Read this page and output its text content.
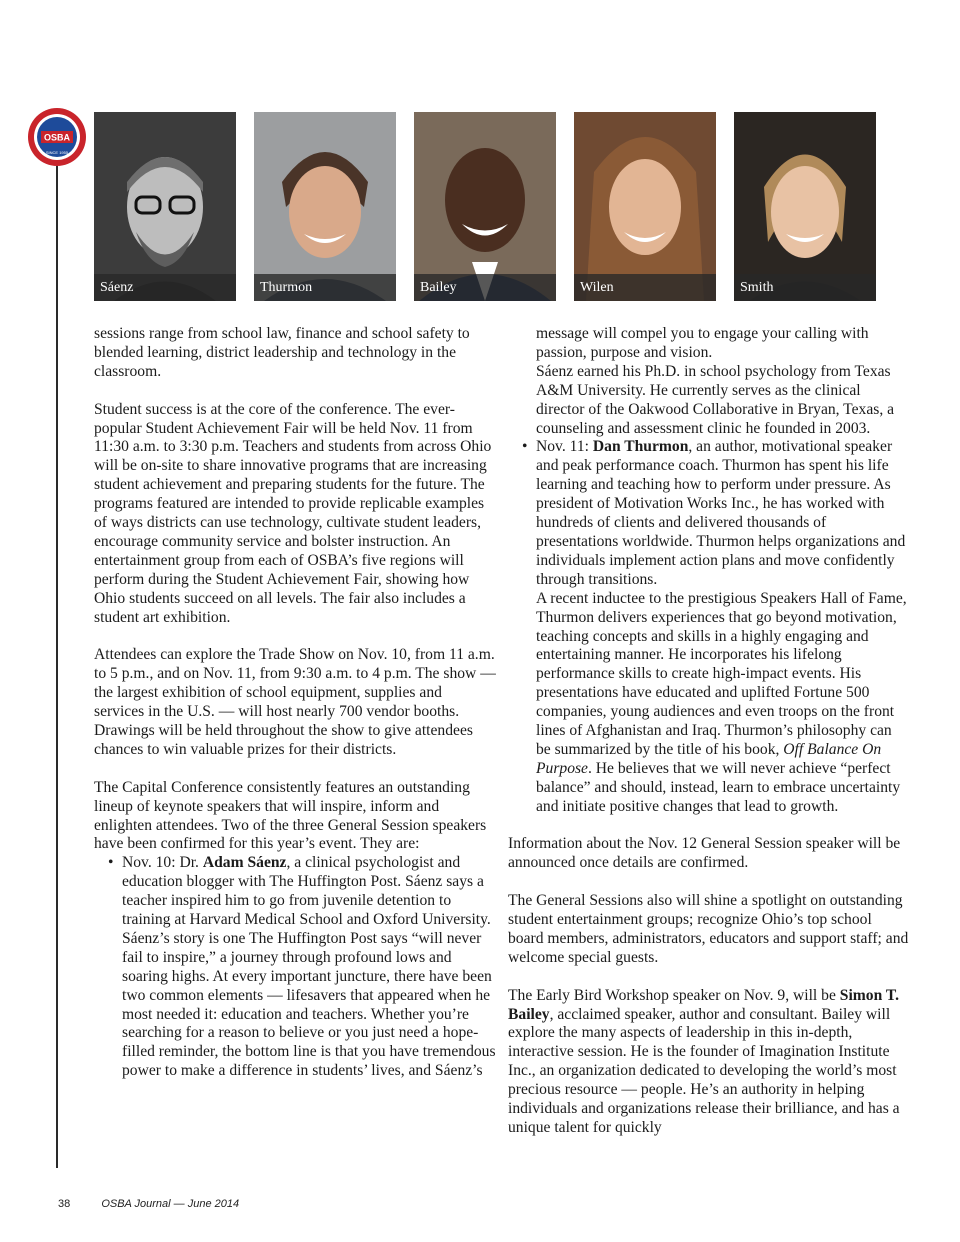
OSBA
SINCE 1955
Sáenz	Thurmon	Bailey	Wilen	Smith

sessions range from school law, finance and school safety to blended learning, district leadership and technology in the classroom.

Student success is at the core of the conference. The ever-popular Student Achievement Fair will be held Nov. 11 from 11:30 a.m. to 3:30 p.m. Teachers and students from across Ohio will be on-site to share innovative programs that are increasing student achievement and preparing students for the future. The programs featured are intended to provide replicable examples of ways districts can use technology, cultivate student leaders, encourage community service and bolster instruction. An entertainment group from each of OSBA’s five regions will perform during the Student Achievement Fair, showing how Ohio students succeed on all levels. The fair also includes a student art exhibition.

Attendees can explore the Trade Show on Nov. 10, from 11 a.m. to 5 p.m., and on Nov. 11, from 9:30 a.m. to 4 p.m. The show — the largest exhibition of school equipment, supplies and services in the U.S. — will host nearly 700 vendor booths. Drawings will be held throughout the show to give attendees chances to win valuable prizes for their districts.

The Capital Conference consistently features an outstanding lineup of keynote speakers that will inspire, inform and enlighten attendees. Two of the three General Session speakers have been confirmed for this year’s event. They are:

• Nov. 10: Dr. Adam Sáenz, a clinical psychologist and education blogger with The Huffington Post. Sáenz says a teacher inspired him to go from juvenile detention to training at Harvard Medical School and Oxford University.
Sáenz’s story is one The Huffington Post says “will never fail to inspire,” a journey through profound lows and soaring highs. At every important juncture, there have been two common elements — lifesavers that appeared when he most needed it: education and teachers. Whether you’re searching for a reason to believe or you just need a hope-filled reminder, the bottom line is that you have tremendous power to make a difference in students’ lives, and Sáenz’s

message will compel you to engage your calling with passion, purpose and vision.

Sáenz earned his Ph.D. in school psychology from Texas A&M University. He currently serves as the clinical director of the Oakwood Collaborative in Bryan, Texas, a counseling and assessment clinic he founded in 2003.

• Nov. 11: Dan Thurmon, an author, motivational speaker and peak performance coach. Thurmon has spent his life learning and teaching how to perform under pressure. As president of Motivation Works Inc., he has worked with hundreds of clients and delivered thousands of presentations worldwide. Thurmon helps organizations and individuals implement action plans and move confidently through transitions.
A recent inductee to the prestigious Speakers Hall of Fame, Thurmon delivers experiences that go beyond motivation, teaching concepts and skills in a highly engaging and entertaining manner. He incorporates his lifelong performance skills to create high-impact events. His presentations have educated and uplifted Fortune 500 companies, young audiences and even troops on the front lines of Afghanistan and Iraq. Thurmon’s philosophy can be summarized by the title of his book, Off Balance On Purpose. He believes that we will never achieve “perfect balance” and should, instead, learn to embrace uncertainty and initiate positive changes that lead to growth.

Information about the Nov. 12 General Session speaker will be announced once details are confirmed.

The General Sessions also will shine a spotlight on outstanding student entertainment groups; recognize Ohio’s top school board members, administrators, educators and support staff; and welcome special guests.

The Early Bird Workshop speaker on Nov. 9, will be Simon T. Bailey, acclaimed speaker, author and consultant. Bailey will explore the many aspects of leadership in this in-depth, interactive session. He is the founder of Imagination Institute Inc., an organization dedicated to developing the world’s most precious resource — people. He’s an authority in helping individuals and organizations release their brilliance, and has a unique talent for quickly

38	OSBA Journal — June 2014
